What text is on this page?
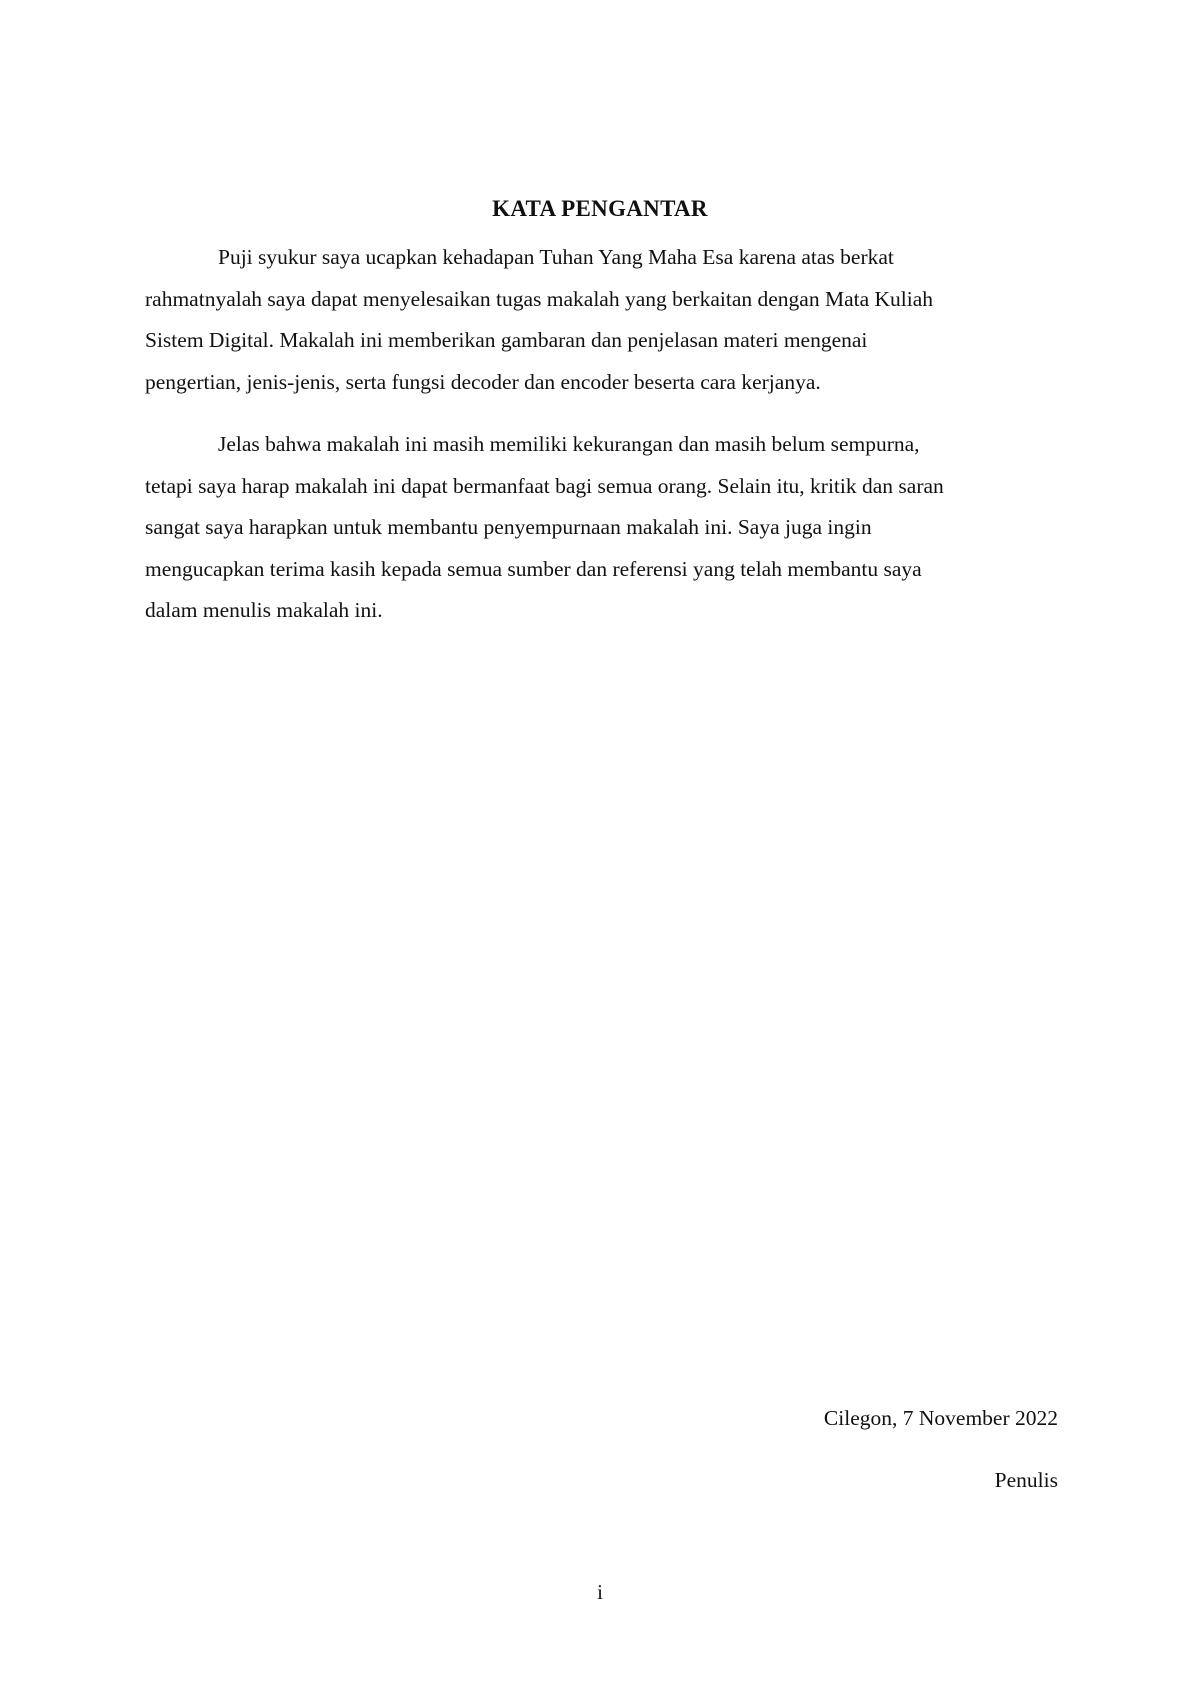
KATA PENGANTAR
Puji syukur saya ucapkan kehadapan Tuhan Yang Maha Esa karena atas berkat
rahmatnyalah saya dapat menyelesaikan tugas makalah yang berkaitan dengan Mata Kuliah
Sistem Digital. Makalah ini memberikan gambaran dan penjelasan materi mengenai
pengertian, jenis-jenis, serta fungsi decoder dan encoder beserta cara kerjanya.
Jelas bahwa makalah ini masih memiliki kekurangan dan masih belum sempurna,
tetapi saya harap makalah ini dapat bermanfaat bagi semua orang. Selain itu, kritik dan saran
sangat saya harapkan untuk membantu penyempurnaan makalah ini. Saya juga ingin
mengucapkan terima kasih kepada semua sumber dan referensi yang telah membantu saya
dalam menulis makalah ini.

Cilegon, 7 November 2022

Penulis

i
